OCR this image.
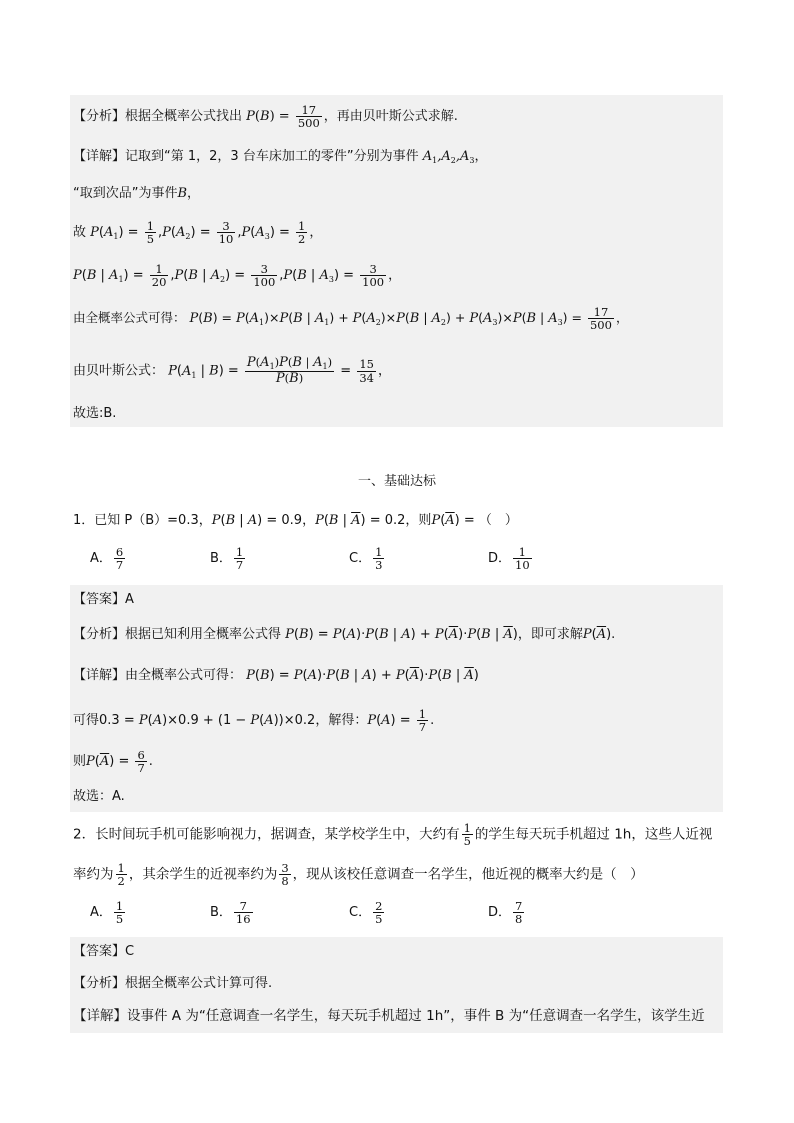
【分析】根据全概率公式找出 $P(B) = \frac{17}{500}$ ，再由贝叶斯公式求解.
【详解】记取到“第 1，2，3 台车床加工的零件”分别为事件 $A_1,A_2,A_3$，
“取到次品”为事件B，
故 $P(A_1) = \frac{1}{5} ,P(A_2) = \frac{3}{10} ,P(A_3) = \frac{1}{2}$ ，
P(B | $A_1) = \frac{1}{20} ,P(B$ | $A_2) = \frac{3}{100} ,P(B$ | $A_3) = \frac{3}{100}$ ，
由全概率公式可得： $P(B) = P(A_1)\times P(B$ | $A_1) + P(A_2)\times P(B$ | $A_2) + P(A_3)\times P(B$ | $A_3) = \frac{17}{500}$ ，
由贝叶斯公式： $P(A_1$ | $B) = \frac{P(A_1)P(B | A_1)}{P(B)} = \frac{15}{34}$ ，
故选:B.
一、基础达标
1．已知 P（B）=0.3，P(B | A) = 0.9，P(B | $\overline{A}) = 0.2$，则$P(\overline{A})$ = （　）
A． $\frac{6}{7}$	B． $\frac{1}{7}$	C． $\frac{1}{3}$	D． $\frac{1}{10}$
【答案】A
【分析】根据已知利用全概率公式得 P(B) = P(A)·P(B | $A) + P(\overline{A})\cdot P(B$ | $\overline{A}$)，即可求解$P(\overline{A})$.
【详解】由全概率公式可得： P(B) = P(A)·P(B | $A) + P(\overline{A})\cdot P(B$ | $\overline{A}$)
可得0.3 = P(A)×0.9 + (1 − P(A))×0.2，解得：$P(A) = \frac{1}{7}$ .
则$P(\overline{A}) = \frac{6}{7}$ .
故选：A.
2．长时间玩手机可能影响视力，据调查，某学校学生中，大约有 $\frac{1}{5}$ 的学生每天玩手机超过 1h，这些人近视
率约为 $\frac{1}{2}$ ，其余学生的近视率约为 $\frac{3}{8}$ ，现从该校任意调查一名学生，他近视的概率大约是（　）
A． $\frac{1}{5}$	B． $\frac{7}{16}$	C． $\frac{2}{5}$	D． $\frac{7}{8}$
【答案】C
【分析】根据全概率公式计算可得.
【详解】设事件 A 为“任意调查一名学生，每天玩手机超过 1h”，事件 B 为“任意调查一名学生，该学生近
